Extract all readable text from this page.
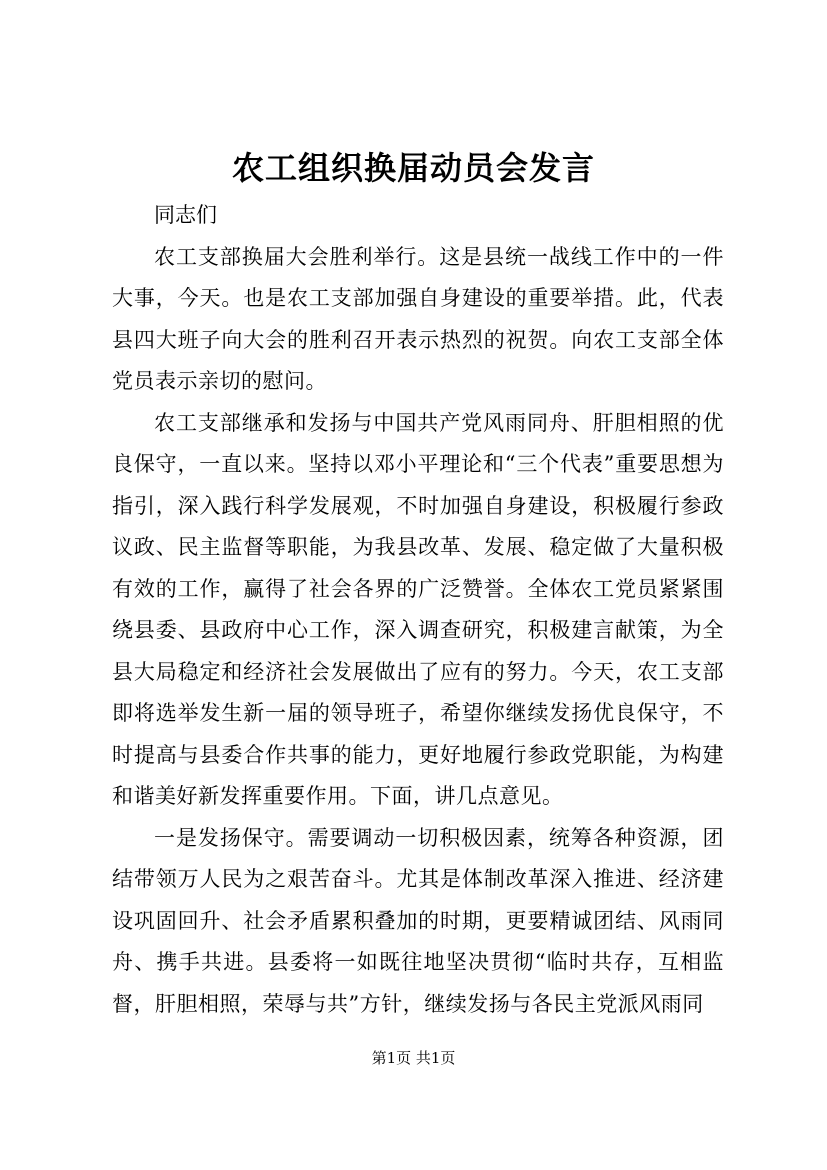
农工组织换届动员会发言

同志们

农工支部换届大会胜利举行。这是县统一战线工作中的一件大事，今天。也是农工支部加强自身建设的重要举措。此，代表县四大班子向大会的胜利召开表示热烈的祝贺。向农工支部全体党员表示亲切的慰问。

农工支部继承和发扬与中国共产党风雨同舟、肝胆相照的优良保守，一直以来。坚持以邓小平理论和“三个代表”重要思想为指引，深入践行科学发展观，不时加强自身建设，积极履行参政议政、民主监督等职能，为我县改革、发展、稳定做了大量积极有效的工作，赢得了社会各界的广泛赞誉。全体农工党员紧紧围绕县委、县政府中心工作，深入调查研究，积极建言献策，为全县大局稳定和经济社会发展做出了应有的努力。今天，农工支部即将选举发生新一届的领导班子，希望你继续发扬优良保守，不时提高与县委合作共事的能力，更好地履行参政党职能，为构建和谐美好新发挥重要作用。下面，讲几点意见。

一是发扬保守。需要调动一切积极因素，统筹各种资源，团结带领万人民为之艰苦奋斗。尤其是体制改革深入推进、经济建设巩固回升、社会矛盾累积叠加的时期，更要精诚团结、风雨同舟、携手共进。县委将一如既往地坚决贯彻“临时共存，互相监督，肝胆相照，荣辱与共”方针，继续发扬与各民主党派风雨同

第1页 共1页
